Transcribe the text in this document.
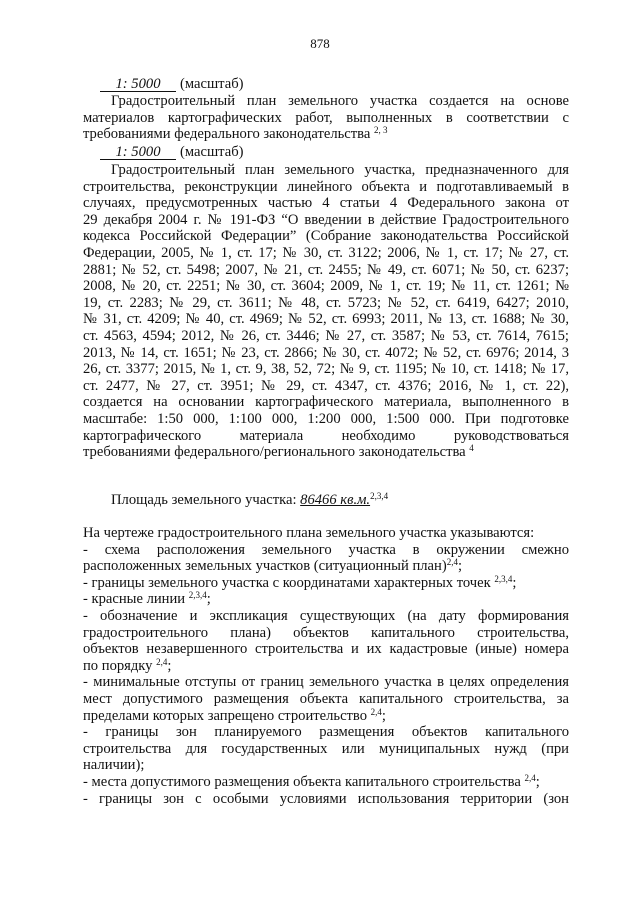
878
1: 5000 (масштаб)
Градостроительный план земельного участка создается на основе
материалов картографических работ, выполненных в соответствии с
требованиями федерального законодательства $^{2, 3}$
1: 5000 (масштаб)
Градостроительный план земельного участка, предназначенного для
строительства, реконструкции линейного объекта и подготавливаемый в
случаях, предусмотренных частью 4 статьи 4 Федерального закона от
29 декабря 2004 г. № 191-ФЗ “О введении в действие Градостроительного
кодекса Российской Федерации” (Собрание законодательства Российской
Федерации, 2005, № 1, ст. 17; № 30, ст. 3122; 2006, № 1, ст. 17; № 27, ст.
2881; № 52, ст. 5498; 2007, № 21, ст. 2455; № 49, ст. 6071; № 50, ст. 6237;
2008, № 20, ст. 2251; № 30, ст. 3604; 2009, № 1, ст. 19; № 11, ст. 1261; №
19, ст. 2283; № 29, ст. 3611; № 48, ст. 5723; № 52, ст. 6419, 6427; 2010,
№ 31, ст. 4209; № 40, ст. 4969; № 52, ст. 6993; 2011, № 13, ст. 1688; № 30,
ст. 4563, 4594; 2012, № 26, ст. 3446; № 27, ст. 3587; № 53, ст. 7614, 7615;
2013, № 14, ст. 1651; № 23, ст. 2866; № 30, ст. 4072; № 52, ст. 6976; 2014, 3
26, ст. 3377; 2015, № 1, ст. 9, 38, 52, 72; № 9, ст. 1195; № 10, ст. 1418; № 17,
ст. 2477, № 27, ст. 3951; № 29, ст. 4347, ст. 4376; 2016, № 1, ст. 22),
создается на основании картографического материала, выполненного в
масштабе: 1:50 000, 1:100 000, 1:200 000, 1:500 000. При подготовке
картографического материала необходимо руководствоваться
требованиями федерального/регионального законодательства $^4$
Площадь земельного участка: 86466 кв.м.$^{2,3,4}$
На чертеже градостроительного плана земельного участка указываются:
- схема расположения земельного участка в окружении смежно
расположенных земельных участков (ситуационный план)$^{2,4}$;
- границы земельного участка с координатами характерных точек $^{2,3,4}$;
- красные линии $^{2,3,4}$;
- обозначение и экспликация существующих (на дату формирования
градостроительного плана) объектов капитального строительства,
объектов незавершенного строительства и их кадастровые (иные) номера
по порядку $^{2,4}$;
- минимальные отступы от границ земельного участка в целях определения
мест допустимого размещения объекта капитального строительства, за
пределами которых запрещено строительство $^{2,4}$;
- границы зон планируемого размещения объектов капитального
строительства для государственных или муниципальных нужд (при
наличии);
- места допустимого размещения объекта капитального строительства $^{2,4}$;
- границы зон с особыми условиями использования территории (зон
